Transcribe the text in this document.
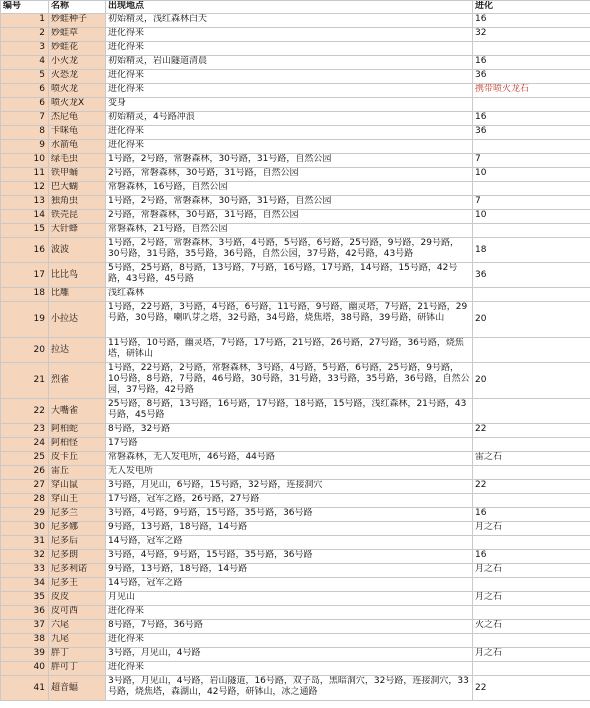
编号	名称	出现地点	进化
1	妙蛙种子	初始精灵，浅红森林白天	16
2	妙蛙草	进化得来	32
3	妙蛙花	进化得来	

4	小火龙	初始精灵，岩山隧道清晨	16
5	火恐龙	进化得来	36
6	喷火龙	进化得来	携带喷火龙石
6	喷火龙X	变身	

7	杰尼龟	初始精灵，4号路冲浪	16
8	卡咪龟	进化得来	36
9	水箭龟	进化得来	

10	绿毛虫	1号路，2号路，常磐森林，30号路，31号路，自然公园	7
11	铁甲蛹	2号路，常磐森林，30号路，31号路，自然公园	10
12	巴大蝴	常磐森林，16号路，自然公园	

13	独角虫	1号路，2号路，常磐森林，30号路，31号路，自然公园	7
14	铁壳昆	2号路，常磐森林，30号路，31号路，自然公园	10
15	大针蜂	常磐森林，21号路，自然公园	

16	波波	1号路，2号路，常磐森林，3号路，4号路，5号路，6号路，25号路，9号路，29号路，30号路，31号路，35号路，36号路，自然公园，37号路，42号路，43号路	18
17	比比鸟	5号路，25号路，8号路，13号路，7号路，16号路，17号路，14号路，15号路，42号路，43号路，45号路	36
18	比雕	浅红森林	

19	小拉达	1号路，22号路，3号路，4号路，6号路，11号路，9号路，幽灵塔，7号路，21号路，29号路，30号路，喇叭芽之塔，32号路，34号路，烧焦塔，38号路，39号路，研钵山	20
20	拉达	11号路，10号路，幽灵塔，7号路，17号路，21号路，26号路，27号路，36号路，烧焦塔，研钵山	

21	烈雀	1号路，22号路，2号路，常磐森林，3号路，4号路，5号路，6号路，25号路，9号路，10号路，8号路，7号路，46号路，30号路，31号路，33号路，35号路，36号路，自然公园，37号路，42号路	20
22	大嘴雀	25号路，8号路，13号路，16号路，17号路，18号路，15号路，浅红森林，21号路，43号路，45号路	

23	阿柏蛇	8号路，32号路	22
24	阿柏怪	17号路	

25	皮卡丘	常磐森林，无人发电所，46号路，44号路	雷之石
26	雷丘	无人发电所	

27	穿山鼠	3号路，月见山，6号路，15号路，32号路，连接洞穴	22
28	穿山王	17号路，冠军之路，26号路，27号路	

29	尼多兰	3号路，4号路，9号路，15号路，35号路，36号路	16
30	尼多娜	9号路，13号路，18号路，14号路	月之石
31	尼多后	14号路，冠军之路	

32	尼多朗	3号路，4号路，9号路，15号路，35号路，36号路	16
33	尼多利诺	9号路，13号路，18号路，14号路	月之石
34	尼多王	14号路，冠军之路	

35	皮皮	月见山	月之石
36	皮可西	进化得来	

37	六尾	8号路，7号路，36号路	火之石
38	九尾	进化得来	

39	胖丁	3号路，月见山，4号路	月之石
40	胖可丁	进化得来	

41	超音蝠	3号路，月见山，4号路，岩山隧道，16号路，双子岛，黑暗洞穴，32号路，连接洞穴，33号路，烧焦塔，森湖山，42号路，研钵山，冰之通路	22
